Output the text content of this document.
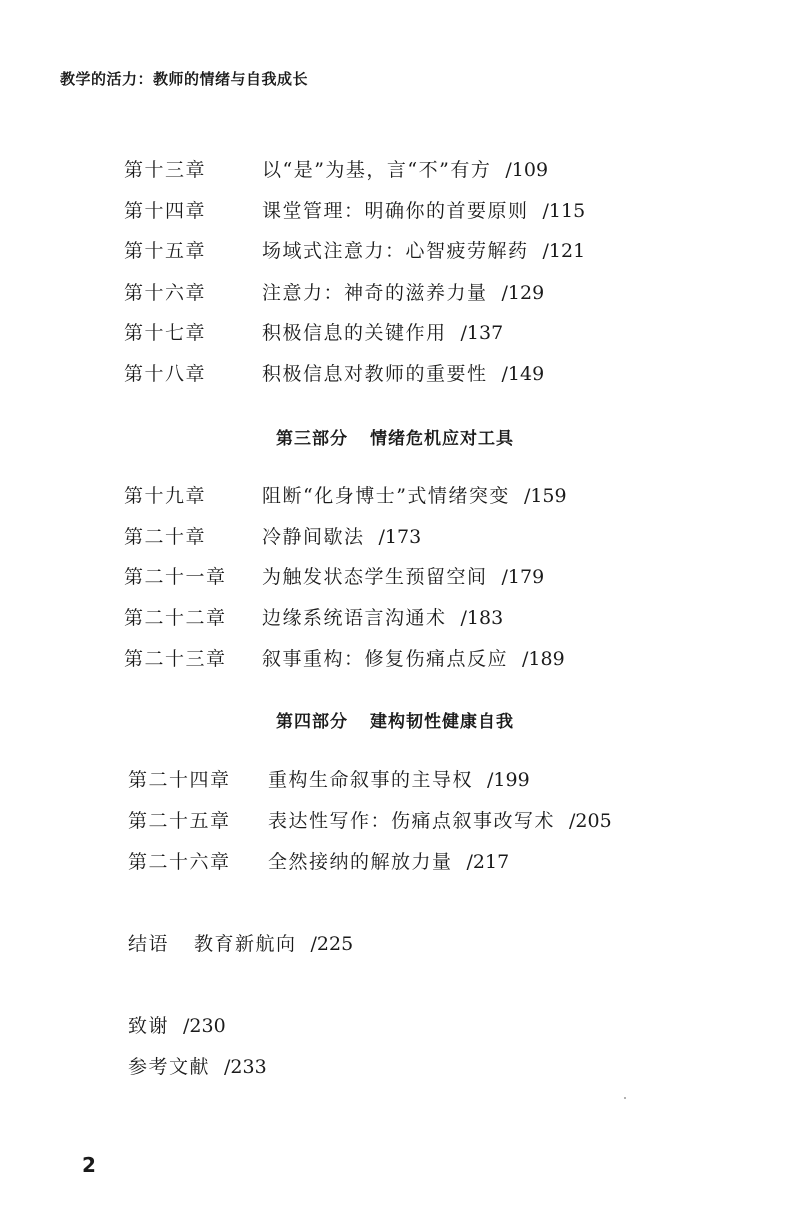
教学的活力：教师的情绪与自我成长
第十三章	以“是”为基，言“不”有方 /109
第十四章	课堂管理：明确你的首要原则 /115
第十五章	场域式注意力：心智疲劳解药 /121
第十六章	注意力：神奇的滋养力量 /129
第十七章	积极信息的关键作用 /137
第十八章	积极信息对教师的重要性 /149
第三部分 情绪危机应对工具
第十九章	阻断“化身博士”式情绪突变 /159
第二十章	冷静间歇法 /173
第二十一章	为触发状态学生预留空间 /179
第二十二章	边缘系统语言沟通术 /183
第二十三章	叙事重构：修复伤痛点反应 /189
第四部分 建构韧性健康自我
第二十四章	重构生命叙事的主导权 /199
第二十五章	表达性写作：伤痛点叙事改写术 /205
第二十六章	全然接纳的解放力量 /217
结语	教育新航向 /225
致谢 /230
参考文献 /233
2
